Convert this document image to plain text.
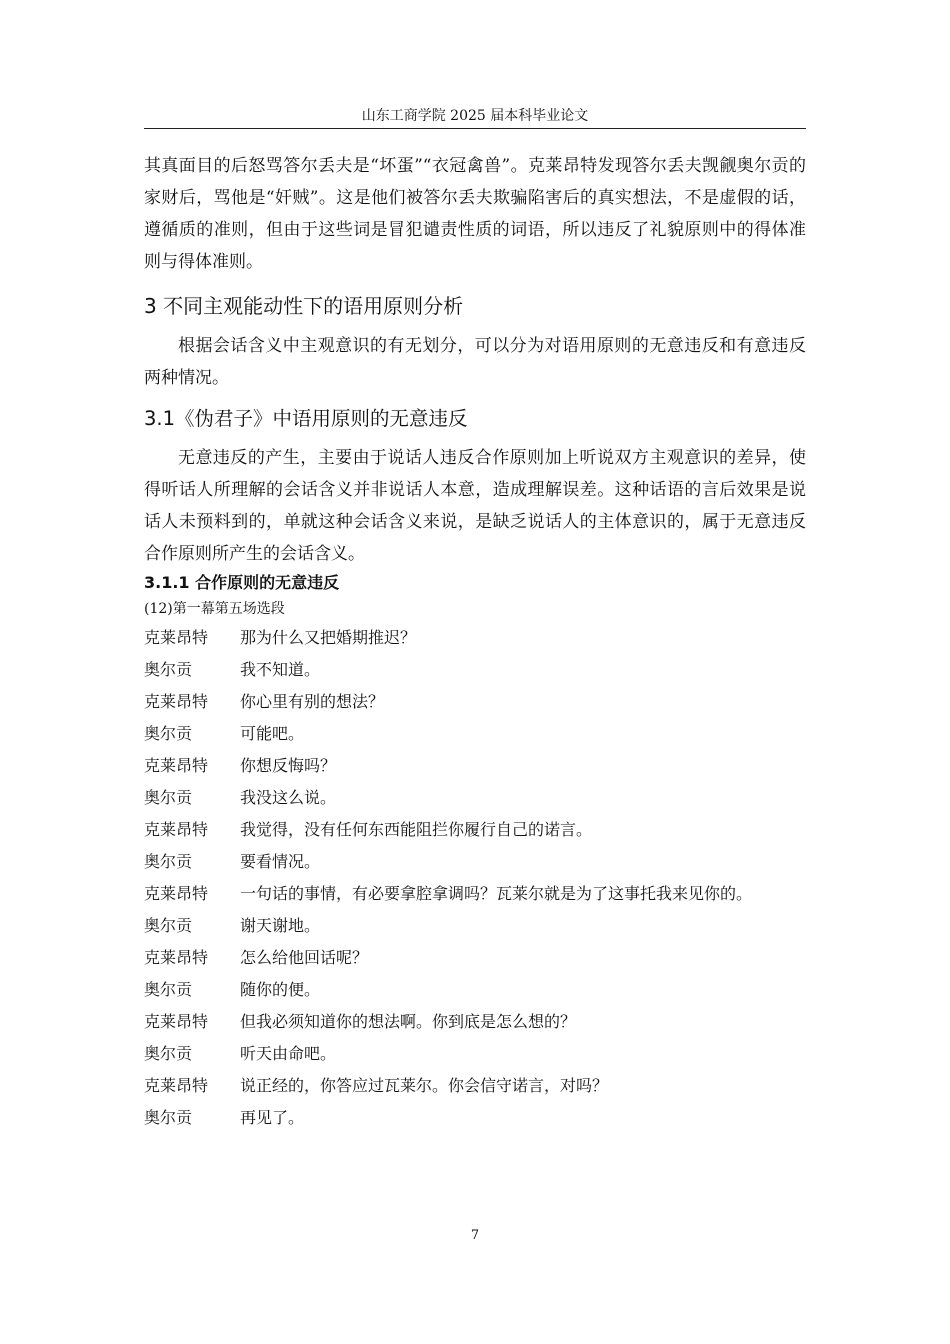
山东工商学院 2025 届本科毕业论文

其真面目的后怒骂答尔丢夫是“坏蛋”“衣冠禽兽”。克莱昂特发现答尔丢夫觊觎奥尔贡的家财后，骂他是“奸贼”。这是他们被答尔丢夫欺骗陷害后的真实想法，不是虚假的话，遵循质的准则，但由于这些词是冒犯谴责性质的词语，所以违反了礼貌原则中的得体准则与得体准则。

3 不同主观能动性下的语用原则分析

根据会话含义中主观意识的有无划分，可以分为对语用原则的无意违反和有意违反两种情况。

3.1《伪君子》中语用原则的无意违反

无意违反的产生，主要由于说话人违反合作原则加上听说双方主观意识的差异，使得听话人所理解的会话含义并非说话人本意，造成理解误差。这种话语的言后效果是说话人未预料到的，单就这种会话含义来说，是缺乏说话人的主体意识的，属于无意违反合作原则所产生的会话含义。

3.1.1 合作原则的无意违反
(12)第一幕第五场选段
克莱昂特	那为什么又把婚期推迟？
奥尔贡	我不知道。
克莱昂特	你心里有别的想法？
奥尔贡	可能吧。
克莱昂特	你想反悔吗？
奥尔贡	我没这么说。
克莱昂特	我觉得，没有任何东西能阻拦你履行自己的诺言。
奥尔贡	要看情况。
克莱昂特	一句话的事情，有必要拿腔拿调吗？瓦莱尔就是为了这事托我来见你的。
奥尔贡	谢天谢地。
克莱昂特	怎么给他回话呢？
奥尔贡	随你的便。
克莱昂特	但我必须知道你的想法啊。你到底是怎么想的？
奥尔贡	听天由命吧。
克莱昂特	说正经的，你答应过瓦莱尔。你会信守诺言，对吗？
奥尔贡	再见了。
7
